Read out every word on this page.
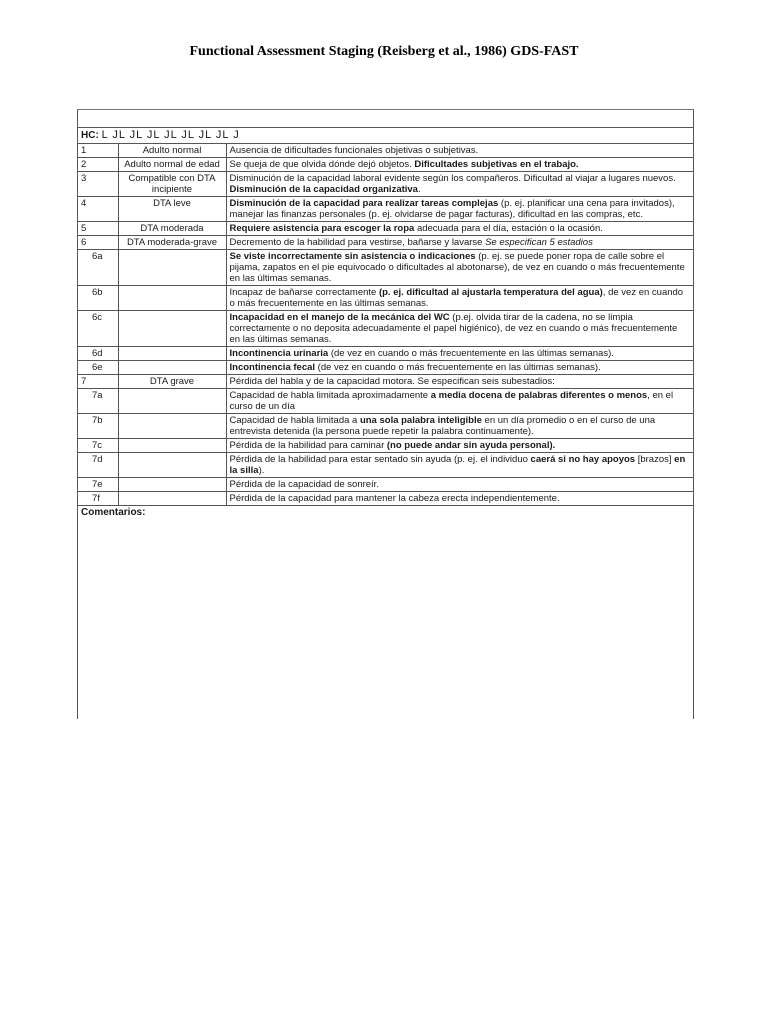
Functional Assessment Staging (Reisberg et al., 1986) GDS-FAST
HC: L JL JL JL JL JL JL JL J		
1	Adulto normal	Ausencia de dificultades funcionales objetivas o subjetivas.
2	Adulto normal de edad	Se queja de que olvida dónde dejó objetos. Dificultades subjetivas en el trabajo.
3	Compatible con DTA incipiente	Disminución de la capacidad laboral evidente según los compañeros. Dificultad al viajar a lugares nuevos. Disminución de la capacidad organizativa.
4	DTA leve	Disminución de la capacidad para realizar tareas complejas (p. ej. planificar una cena para invitados), manejar las finanzas personales (p. ej. olvidarse de pagar facturas), dificultad en las compras, etc.
5	DTA moderada	Requiere asistencia para escoger la ropa adecuada para el día, estación o la ocasión.
6	DTA moderada-grave	Decremento de la habilidad para vestirse, bañarse y lavarse Se especifican 5 estadios
6a		Se viste incorrectamente sin asistencia o indicaciones (p. ej. se puede poner ropa de calle sobre el pijama, zapatos en el pie equivocado o dificultades al abotonarse), de vez en cuando o más frecuentemente en las últimas semanas.
6b		Incapaz de bañarse correctamente (p. ej. dificultad al ajustarla temperatura del agua), de vez en cuando o más frecuentemente en las últimas semanas.
6c		Incapacidad en el manejo de la mecánica del WC (p.ej. olvida tirar de la cadena, no se limpia correctamente o no deposita adecuadamente el papel higiénico), de vez en cuando o más frecuentemente en las últimas semanas.
6d		Incontinencia urinaria (de vez en cuando o más frecuentemente en las últimas semanas).
6e		Incontinencia fecal (de vez en cuando o más frecuentemente en las últimas semanas).
7	DTA grave	Pérdida del habla y de la capacidad motora. Se especifican seis subestadios:
7a		Capacidad de habla limitada aproximadamente a media docena de palabras diferentes o menos, en el curso de un día
7b		Capacidad de habla limitada a una sola palabra inteligible en un día promedio o en el curso de una entrevista detenida (la persona puede repetir la palabra continuamente).
7c		Pérdida de la habilidad para caminar (no puede andar sin ayuda personal).
7d		Pérdida de la habilidad para estar sentado sin ayuda (p. ej. el individuo caerá si no hay apoyos [brazos] en la silla).
7e		Pérdida de la capacidad de sonreír.
7f		Pérdida de la capacidad para mantener la cabeza erecta independientemente.
Comentarios:		
